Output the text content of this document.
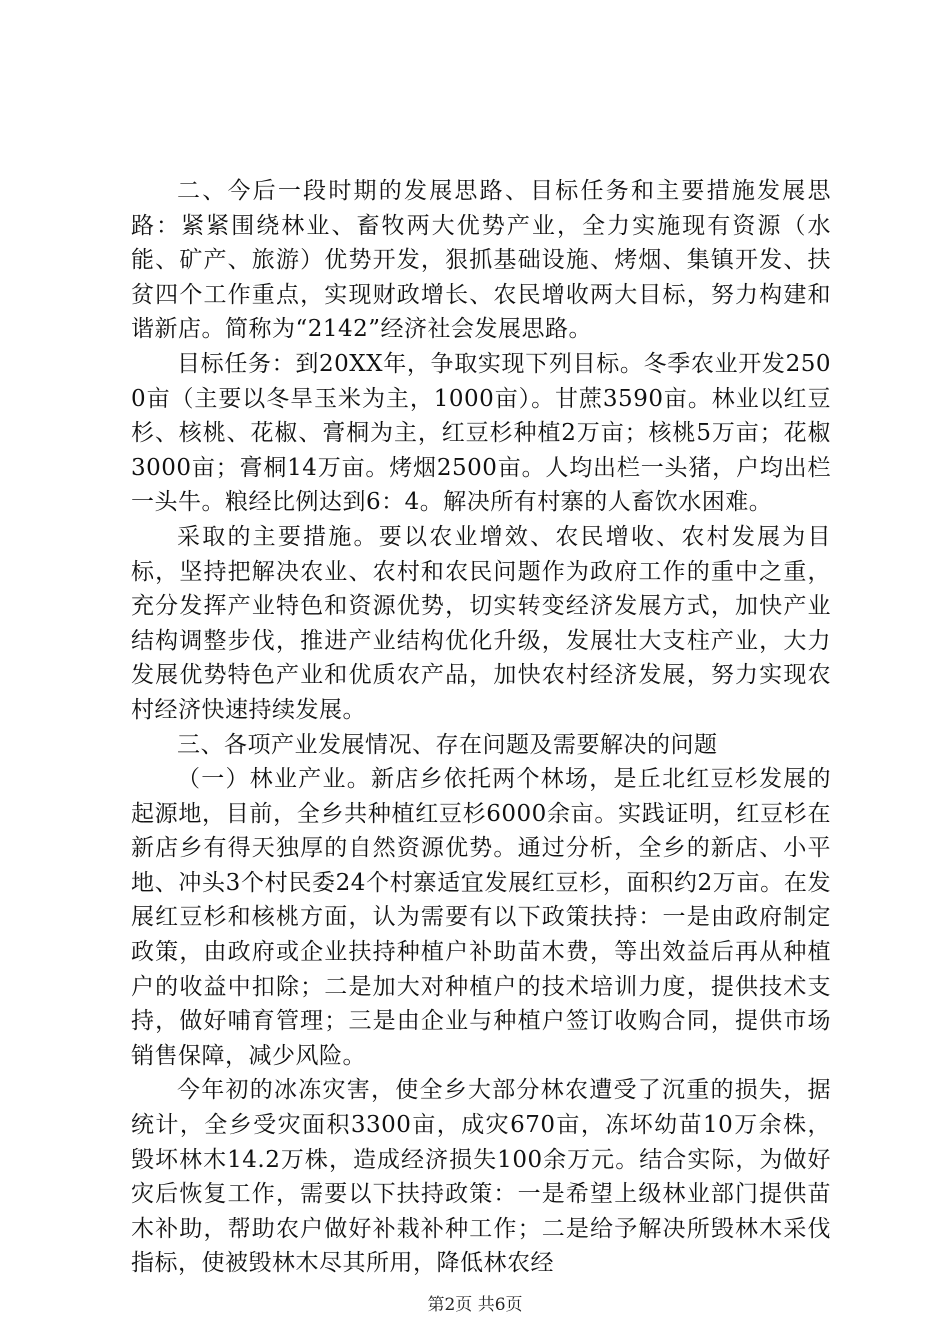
二、今后一段时期的发展思路、目标任务和主要措施发展思路：紧紧围绕林业、畜牧两大优势产业，全力实施现有资源（水能、矿产、旅游）优势开发，狠抓基础设施、烤烟、集镇开发、扶贫四个工作重点，实现财政增长、农民增收两大目标，努力构建和谐新店。简称为“2142”经济社会发展思路。

目标任务：到20XX年，争取实现下列目标。冬季农业开发2500亩（主要以冬旱玉米为主，1000亩）。甘蔗3590亩。林业以红豆杉、核桃、花椒、膏桐为主，红豆杉种植2万亩；核桃5万亩；花椒3000亩；膏桐14万亩。烤烟2500亩。人均出栏一头猪，户均出栏一头牛。粮经比例达到6：4。解决所有村寨的人畜饮水困难。

采取的主要措施。要以农业增效、农民增收、农村发展为目标，坚持把解决农业、农村和农民问题作为政府工作的重中之重，充分发挥产业特色和资源优势，切实转变经济发展方式，加快产业结构调整步伐，推进产业结构优化升级，发展壮大支柱产业，大力发展优势特色产业和优质农产品，加快农村经济发展，努力实现农村经济快速持续发展。

三、各项产业发展情况、存在问题及需要解决的问题

（一）林业产业。新店乡依托两个林场，是丘北红豆杉发展的起源地，目前，全乡共种植红豆杉6000余亩。实践证明，红豆杉在新店乡有得天独厚的自然资源优势。通过分析，全乡的新店、小平地、冲头3个村民委24个村寨适宜发展红豆杉，面积约2万亩。在发展红豆杉和核桃方面，认为需要有以下政策扶持：一是由政府制定政策，由政府或企业扶持种植户补助苗木费，等出效益后再从种植户的收益中扣除；二是加大对种植户的技术培训力度，提供技术支持，做好哺育管理；三是由企业与种植户签订收购合同，提供市场销售保障，减少风险。

今年初的冰冻灾害，使全乡大部分林农遭受了沉重的损失，据统计，全乡受灾面积3300亩，成灾670亩，冻坏幼苗10万余株，毁坏林木14.2万株，造成经济损失100余万元。结合实际，为做好灾后恢复工作，需要以下扶持政策：一是希望上级林业部门提供苗木补助，帮助农户做好补栽补种工作；二是给予解决所毁林木采伐指标，使被毁林木尽其所用，降低林农经

第2页 共6页
